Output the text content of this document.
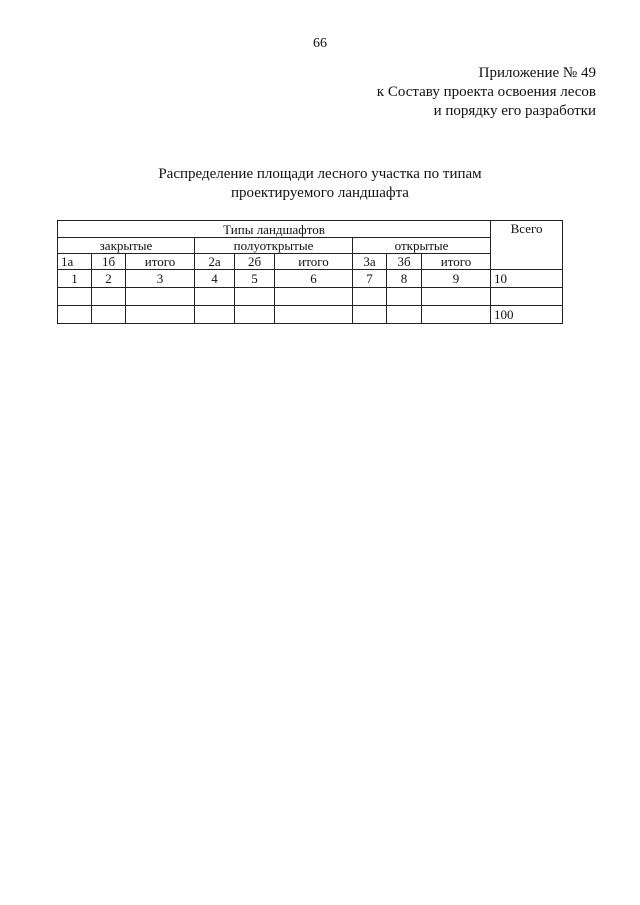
66
Приложение № 49
к Составу проекта освоения лесов
и порядку его разработки
Распределение площади лесного участка по типам
проектируемого ландшафта
Типы ландшафтов									Всего
закрытые			полуоткрытые			открытые			
1а	1б	итого	2а	2б	итого	3а	3б	итого	
1	2	3	4	5	6	7	8	9	10

									100
